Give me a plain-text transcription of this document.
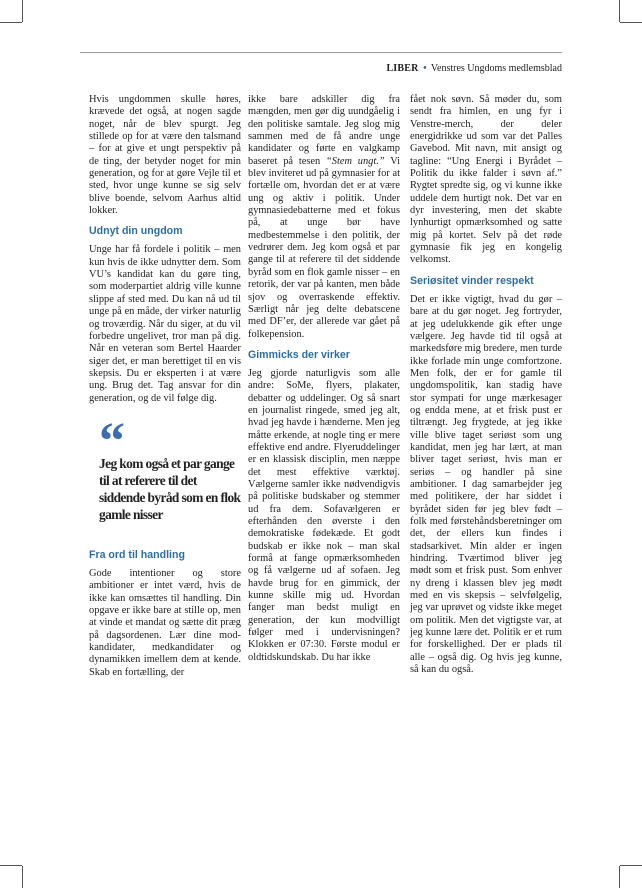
LIBER • Venstres Ungdoms medlemsblad

Hvis ungdommen skulle høres, krævede det også, at nogen sagde noget, når de blev spurgt. Jeg stillede op for at være den talsmand – for at give et ungt perspektiv på de ting, der betyder noget for min generation, og for at gøre Vejle til et sted, hvor unge kunne se sig selv blive boende, selvom Aarhus altid lokker.

Udnyt din ungdom

Unge har få fordele i politik – men kun hvis de ikke udnytter dem. Som VU’s kandidat kan du gøre ting, som moderpartiet aldrig ville kunne slippe af sted med. Du kan nå ud til unge på en måde, der virker naturlig og troværdig. Når du siger, at du vil forbedre ungelivet, tror man på dig. Når en veteran som Bertel Haarder siger det, er man berettiget til en vis skepsis. Du er eksperten i at være ung. Brug det. Tag ansvar for din generation, og de vil følge dig.

“
Jeg kom også et par gange til at referere til det siddende byråd som en flok gamle nisser
Fra ord til handling

Gode intentioner og store ambitioner er intet værd, hvis de ikke kan omsættes til handling. Din opgave er ikke bare at stille op, men at vinde et mandat og sætte dit præg på dagsordenen. Lær dine mod-kandidater, medkandidater og dynamikken imellem dem at kende. Skab en fortælling, der

ikke bare adskiller dig fra mængden, men gør dig uundgåelig i den politiske samtale. Jeg slog mig sammen med de få andre unge kandidater og førte en valgkamp baseret på tesen “Stem ungt.” Vi blev inviteret ud på gymnasier for at fortælle om, hvordan det er at være ung og aktiv i politik. Under gymnasiedebatterne med et fokus på, at unge bør have medbestemmelse i den politik, der vedrører dem. Jeg kom også et par gange til at referere til det siddende byråd som en flok gamle nisser – en retorik, der var på kanten, men både sjov og overraskende effektiv. Særligt når jeg delte debatscene med DF’er, der allerede var gået på folkepension.

Gimmicks der virker

Jeg gjorde naturligvis som alle andre: SoMe, flyers, plakater, debatter og uddelinger. Og så snart en journalist ringede, smed jeg alt, hvad jeg havde i hænderne. Men jeg måtte erkende, at nogle ting er mere effektive end andre. Flyeruddelinger er en klassisk disciplin, men næppe det mest effektive værktøj. Vælgerne samler ikke nødvendigvis på politiske budskaber og stemmer ud fra dem. Sofavælgeren er efterhånden den øverste i den demokratiske fødekæde. Et godt budskab er ikke nok – man skal formå at fange opmærksomheden og få vælgerne ud af sofaen. Jeg havde brug for en gimmick, der kunne skille mig ud. Hvordan fanger man bedst muligt en generation, der kun modvilligt følger med i undervisningen? Klokken er 07:30. Første modul er oldtidskundskab. Du har ikke

fået nok søvn. Så møder du, som sendt fra himlen, en ung fyr i Venstre-merch, der deler energidrikke ud som var det Palles Gavebod. Mit navn, mit ansigt og tagline: “Ung Energi i Byrådet – Politik du ikke falder i søvn af.” Rygtet spredte sig, og vi kunne ikke uddele dem hurtigt nok. Det var en dyr investering, men det skabte lynhurtigt opmærksomhed og satte mig på kortet. Selv på det røde gymnasie fik jeg en kongelig velkomst.

Seriøsitet vinder respekt

Det er ikke vigtigt, hvad du gør – bare at du gør noget. Jeg fortryder, at jeg udelukkende gik efter unge vælgere. Jeg havde tid til også at markedsføre mig bredere, men turde ikke forlade min unge comfortzone. Men folk, der er for gamle til ungdomspolitik, kan stadig have stor sympati for unge mærkesager og endda mene, at et frisk pust er tiltrængt. Jeg frygtede, at jeg ikke ville blive taget seriøst som ung kandidat, men jeg har lært, at man bliver taget seriøst, hvis man er seriøs – og handler på sine ambitioner. I dag samarbejder jeg med politikere, der har siddet i byrådet siden før jeg blev født – folk med førstehåndsberetninger om det, der ellers kun findes i stadsarkivet. Min alder er ingen hindring. Tværtimod bliver jeg mødt som et frisk pust. Som enhver ny dreng i klassen blev jeg mødt med en vis skepsis – selvfølgelig, jeg var uprøvet og vidste ikke meget om politik. Men det vigtigste var, at jeg kunne lære det. Politik er et rum for forskellighed. Der er plads til alle – også dig. Og hvis jeg kunne, så kan du også.
